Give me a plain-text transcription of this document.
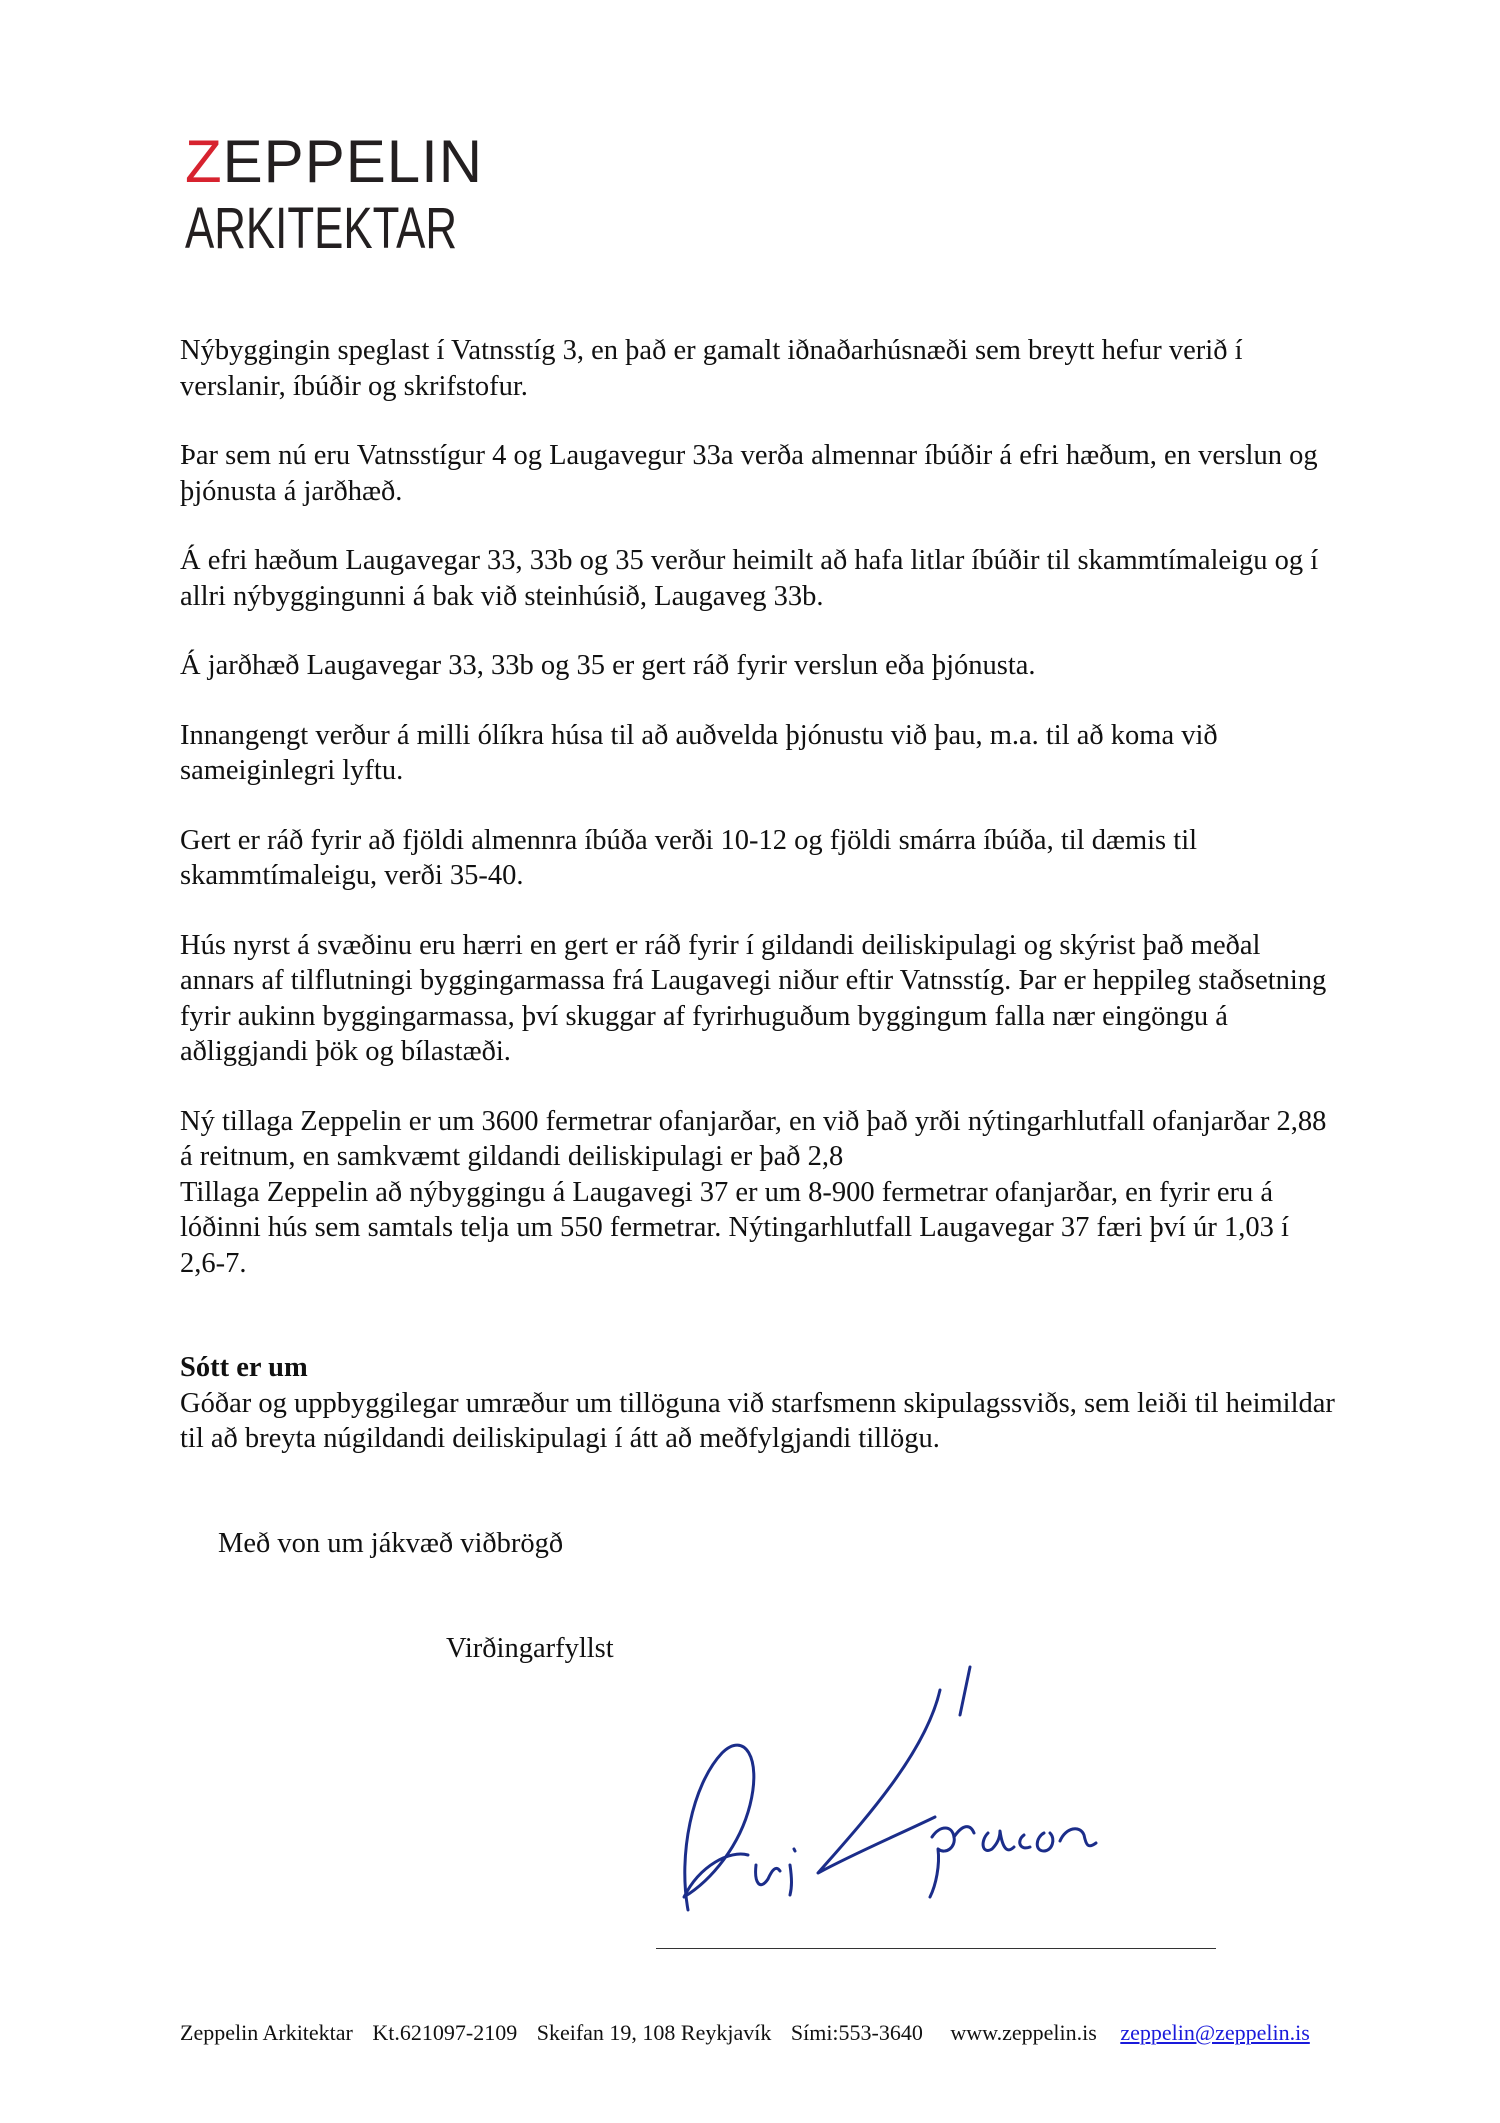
ZEPPELIN
ARKITEKTAR

Nýbyggingin speglast í Vatnsstíg 3, en það er gamalt iðnaðarhúsnæði sem breytt hefur verið í verslanir, íbúðir og skrifstofur.

Þar sem nú eru Vatnsstígur 4 og Laugavegur 33a verða almennar íbúðir á efri hæðum, en verslun og þjónusta á jarðhæð.

Á efri hæðum Laugavegar 33, 33b og 35 verður heimilt að hafa litlar íbúðir til skammtímaleigu og í allri nýbyggingunni á bak við steinhúsið, Laugaveg 33b.

Á jarðhæð Laugavegar 33, 33b og 35 er gert ráð fyrir verslun eða þjónusta.

Innangengt verður á milli ólíkra húsa til að auðvelda þjónustu við þau, m.a. til að koma við sameiginlegri lyftu.

Gert er ráð fyrir að fjöldi almennra íbúða verði 10-12 og fjöldi smárra íbúða, til dæmis til skammtímaleigu, verði 35-40.

Hús nyrst á svæðinu eru hærri en gert er ráð fyrir í gildandi deiliskipulagi og skýrist það meðal annars af tilflutningi byggingarmassa frá Laugavegi niður eftir Vatnsstíg. Þar er heppileg staðsetning fyrir aukinn byggingarmassa, því skuggar af fyrirhuguðum byggingum falla nær eingöngu á aðliggjandi þök og bílastæði.

Ný tillaga Zeppelin er um 3600 fermetrar ofanjarðar, en við það yrði nýtingarhlutfall ofanjarðar 2,88 á reitnum, en samkvæmt gildandi deiliskipulagi er það 2,8

Tillaga Zeppelin að nýbyggingu á Laugavegi 37 er um 8-900 fermetrar ofanjarðar, en fyrir eru á lóðinni hús sem samtals telja um 550 fermetrar. Nýtingarhlutfall Laugavegar 37 færi því úr 1,03 í 2,6-7.

Sótt er um

Góðar og uppbyggilegar umræður um tillöguna við starfsmenn skipulagssviðs, sem leiði til heimildar til að breyta núgildandi deiliskipulagi í átt að meðfylgjandi tillögu.

Með von um jákvæð viðbrögð
Virðingarfyllst
Zeppelin Arkitektar Kt.621097-2109 Skeifan 19, 108 Reykjavík Sími:553-3640 www.zeppelin.is zeppelin@zeppelin.is
